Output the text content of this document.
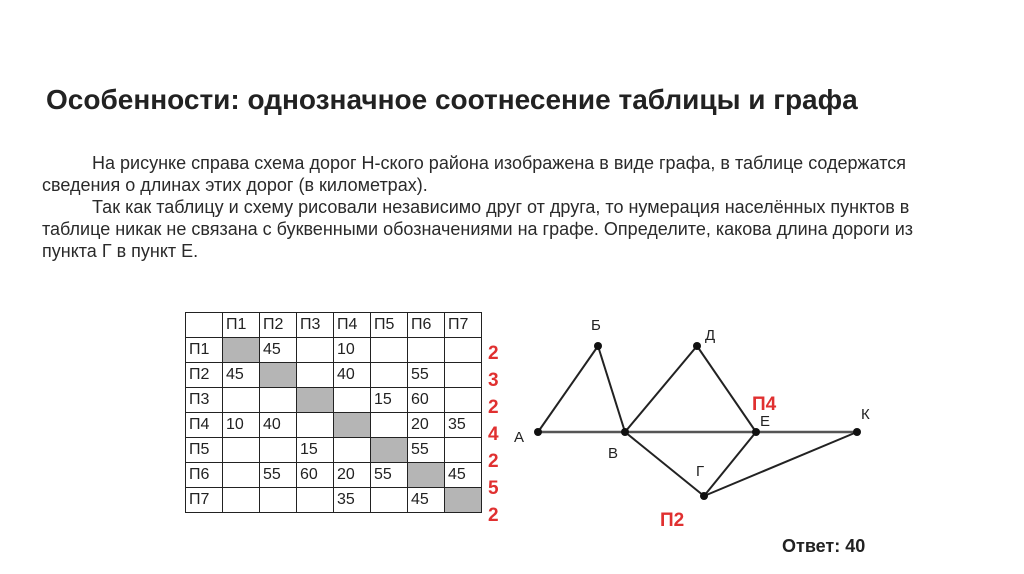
Особенности: однозначное соотнесение таблицы и графа

На рисунке справа схема дорог Н-ского района изображена в виде графа, в таблице содержатся сведения о длинах этих дорог (в километрах).

Так как таблицу и схему рисовали независимо друг от друга, то нумерация населённых пунктов в таблице никак не связана с буквенными обозначениями на графе. Определите, какова длина дороги из пункта Г в пункт Е.

	П1	П2	П3	П4	П5	П6	П7
П1		45		10			
П2	45			40		55	
П3					15	60	
П4	10	40				20	35
П5			15			55	
П6		55	60	20	55		45
П7				35		45	
2
3
2
4
2
5
2
А
Б
В
Г
Д
Е	К
П4
П2
Ответ: 40
